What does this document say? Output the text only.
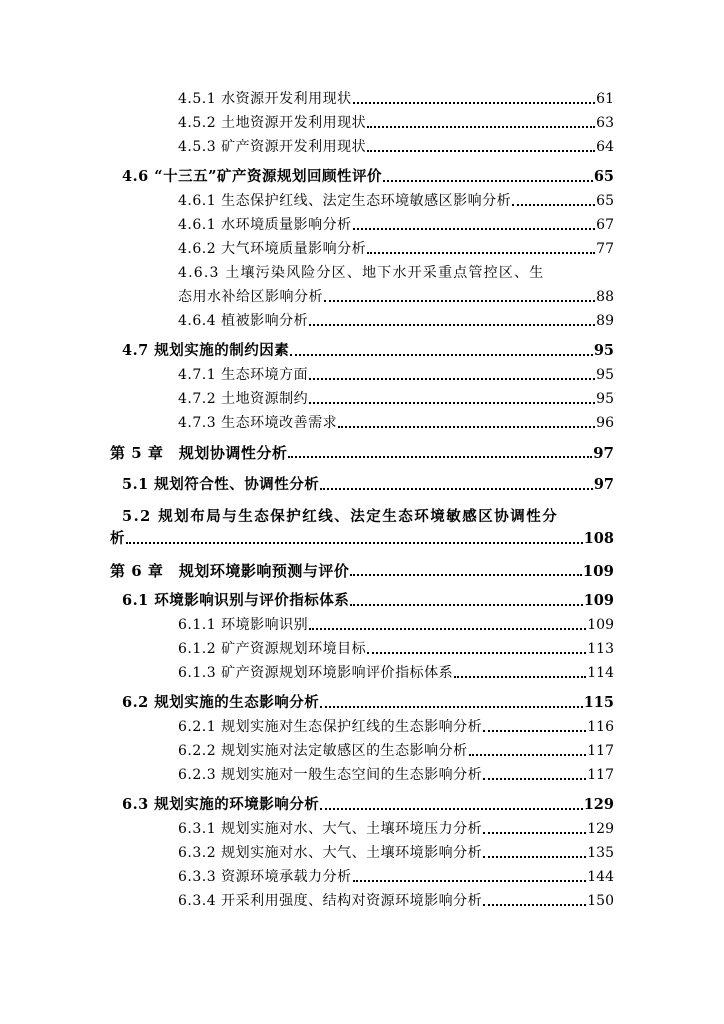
4.5.1 水资源开发利用现状	61
4.5.2 土地资源开发利用现状	63
4.5.3 矿产资源开发利用现状	64
4.6 “十三五”矿产资源规划回顾性评价	65
4.6.1 生态保护红线、法定生态环境敏感区影响分析	65
4.6.1 水环境质量影响分析	67
4.6.2 大气环境质量影响分析	77
4.6.3 土壤污染风险分区、地下水开采重点管控区、生
态用水补给区影响分析	88
4.6.4 植被影响分析	89
4.7 规划实施的制约因素	95
4.7.1 生态环境方面	95
4.7.2 土地资源制约	95
4.7.3 生态环境改善需求	96
第 5 章　规划协调性分析	97
5.1 规划符合性、协调性分析	97
5.2 规划布局与生态保护红线、法定生态环境敏感区协调性分
析	108
第 6 章　规划环境影响预测与评价	109
6.1 环境影响识别与评价指标体系	109
6.1.1 环境影响识别	109
6.1.2 矿产资源规划环境目标	113
6.1.3 矿产资源规划环境影响评价指标体系	114
6.2 规划实施的生态影响分析	115
6.2.1 规划实施对生态保护红线的生态影响分析	116
6.2.2 规划实施对法定敏感区的生态影响分析	117
6.2.3 规划实施对一般生态空间的生态影响分析	117
6.3 规划实施的环境影响分析	129
6.3.1 规划实施对水、大气、土壤环境压力分析	129
6.3.2 规划实施对水、大气、土壤环境影响分析	135
6.3.3 资源环境承载力分析	144
6.3.4 开采利用强度、结构对资源环境影响分析	150
